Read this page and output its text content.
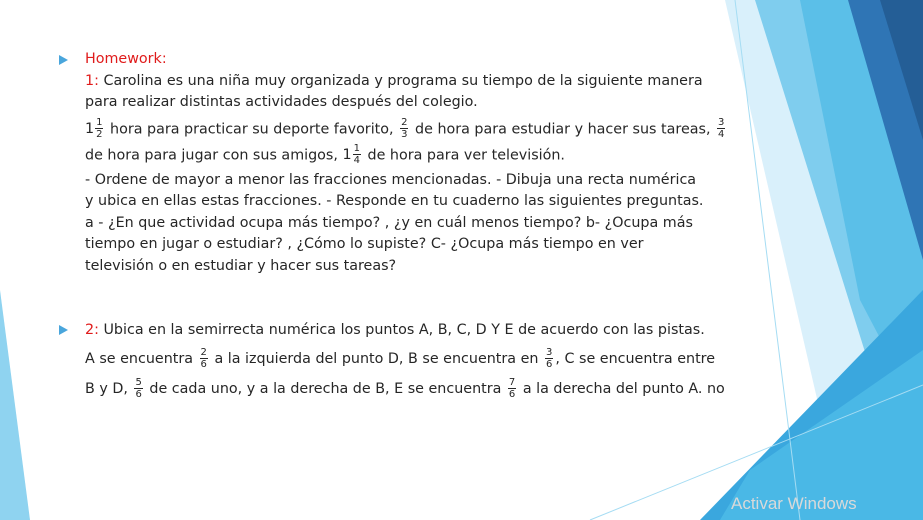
Homework:
1: Carolina es una niña muy organizada y programa su tiempo de la siguiente manera
para realizar distintas actividades después del colegio.
$1 \frac{1}{2}$ hora para practicar su deporte favorito, $\frac{2}{3}$ de hora para estudiar y hacer sus tareas, $\frac{3}{4}$
de hora para jugar con sus amigos, $1 \frac{1}{4}$ de hora para ver televisión.
- Ordene de mayor a menor las fracciones mencionadas. - Dibuja una recta numérica
y ubica en ellas estas fracciones. - Responde en tu cuaderno las siguientes preguntas.
a - ¿En que actividad ocupa más tiempo? , ¿y en cuál menos tiempo? b- ¿Ocupa más
tiempo en jugar o estudiar? , ¿Cómo lo supiste? C- ¿Ocupa más tiempo en ver
televisión o en estudiar y hacer sus tareas?
2: Ubica en la semirrecta numérica los puntos A, B, C, D Y E de acuerdo con las pistas.
A se encuentra $\frac{2}{6}$ a la izquierda del punto D, B se encuentra en $\frac{3}{6}$ , C se encuentra entre
B y D, $\frac{5}{6}$ de cada uno, y a la derecha de B, E se encuentra $\frac{7}{6}$ a la derecha del punto A. no
Activar Windows
